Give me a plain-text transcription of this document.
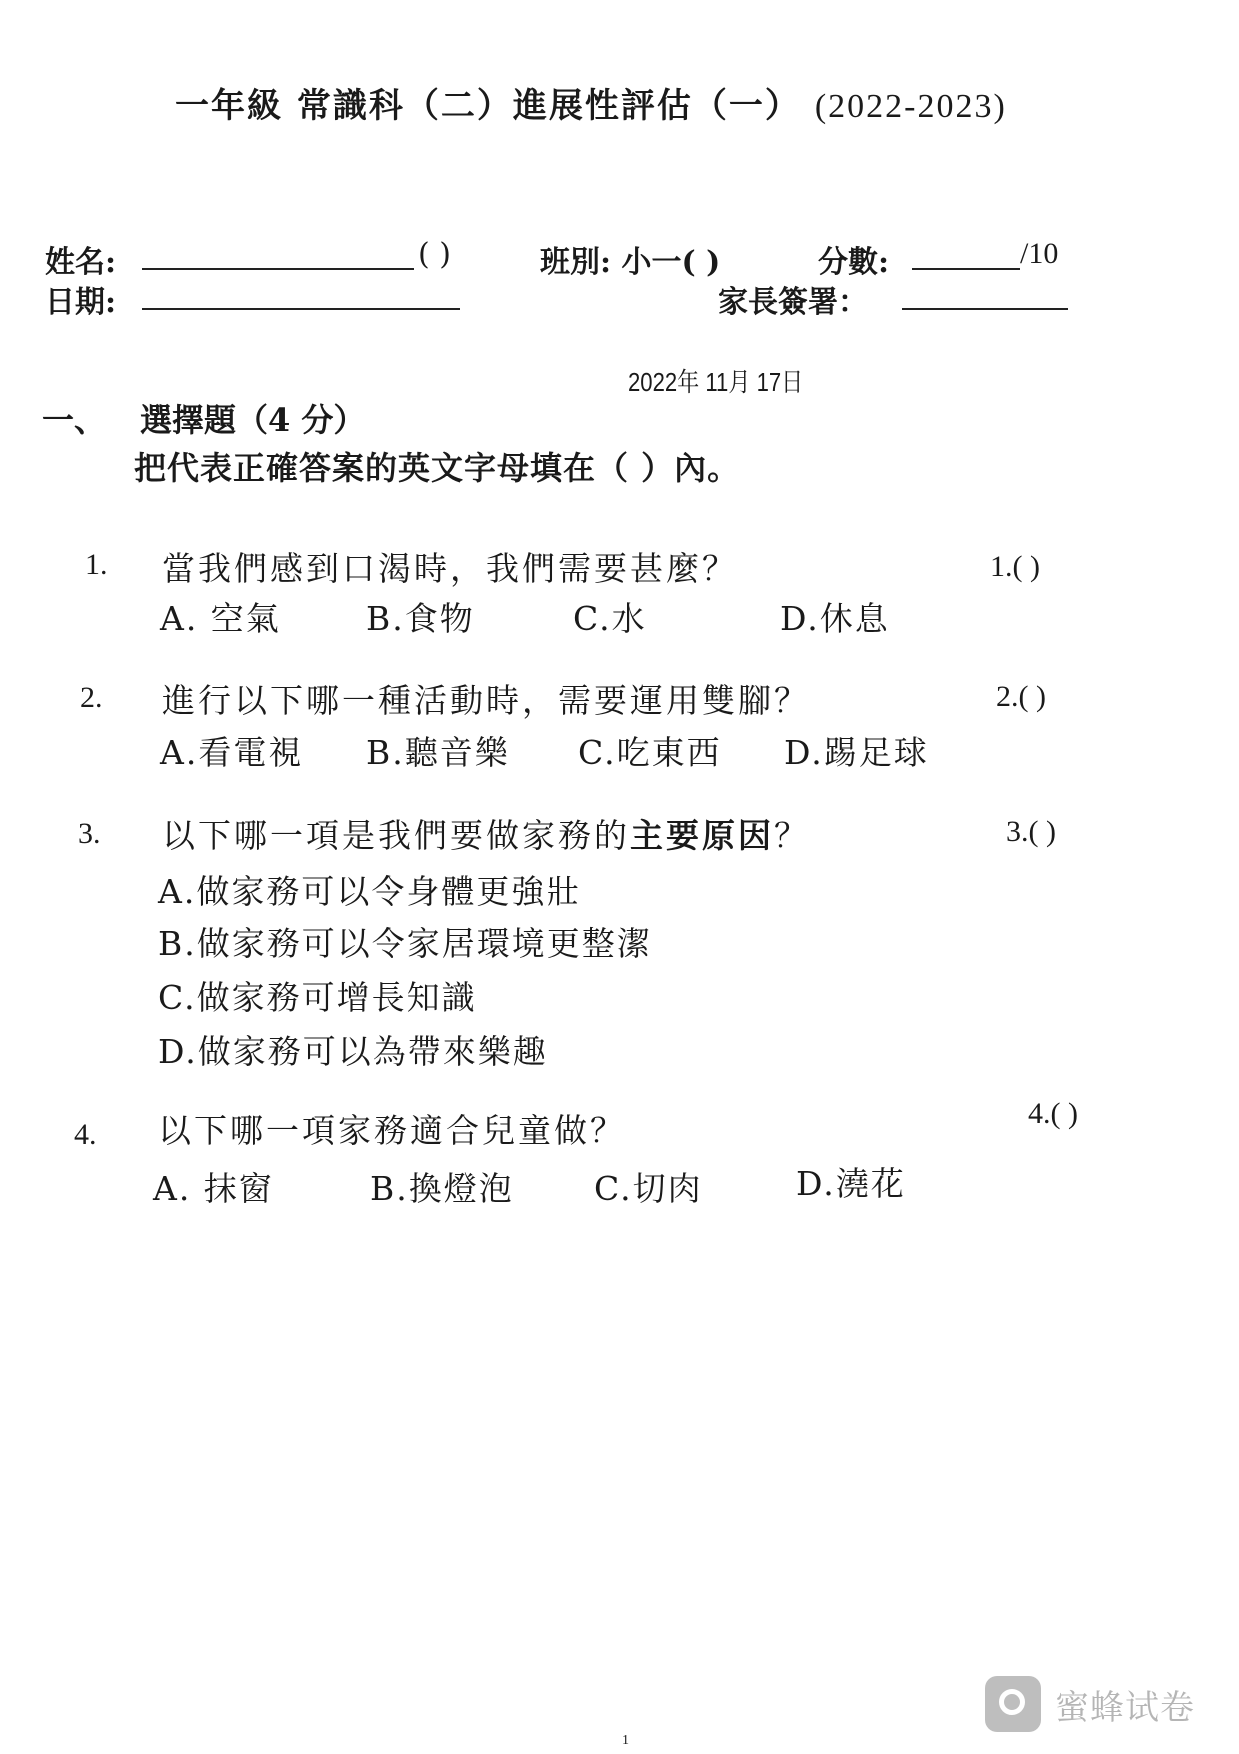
一年級 常識科（二）進展性評估（一） (2022-2023)
姓名:	( )	班別: 小一( )	分數:	/10
日期:	家長簽署：
2022年 11月 17日
一、 選擇題（4 分）
把代表正確答案的英文字母填在（ ）內。
1. 當我們感到口渴時，我們需要甚麼？	1.( )
A. 空氣	B.食物	C.水	D.休息
2. 進行以下哪一種活動時，需要運用雙腳？	2.( )
A.看電視 B.聽音樂 C.吃東西 D.踢足球
3. 以下哪一項是我們要做家務的主要原因？	3.( )
A.做家務可以令身體更強壯
B.做家務可以令家居環境更整潔
C.做家務可增長知識
D.做家務可以為帶來樂趣
4. 以下哪一項家務適合兒童做？	4.( )
A. 抹窗	B.換燈泡 C.切肉	D.澆花
1
蜜蜂试卷
